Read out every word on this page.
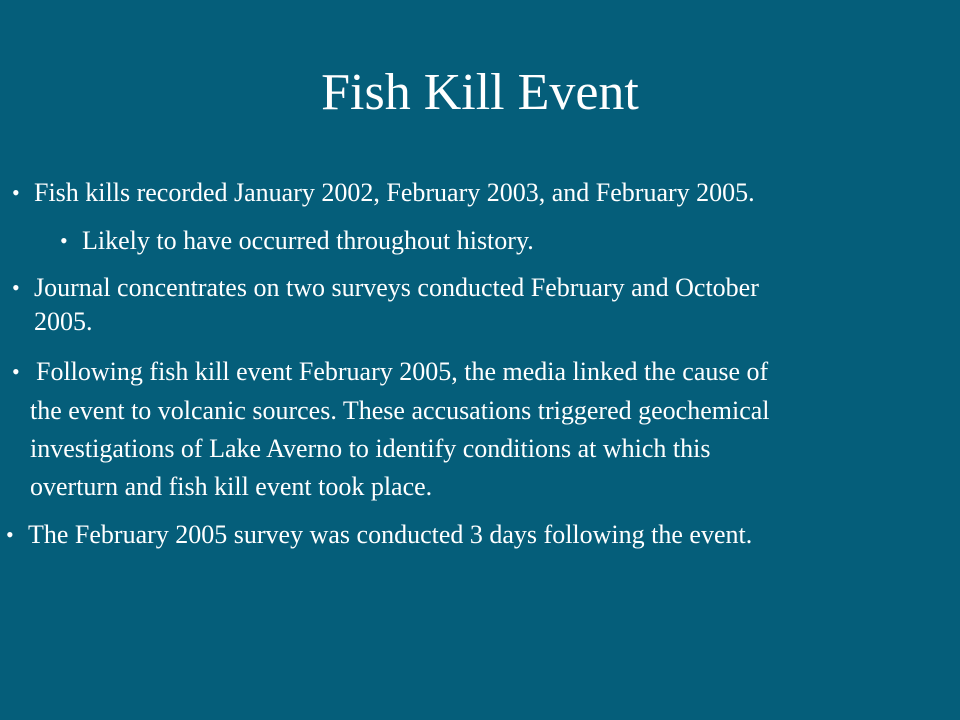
Fish Kill Event
• Fish kills recorded January 2002, February 2003, and February 2005.
• Likely to have occurred throughout history.
• Journal concentrates on two surveys conducted February and October
2005.
• Following fish kill event February 2005, the media linked the cause of
the event to volcanic sources. These accusations triggered geochemical
investigations of Lake Averno to identify conditions at which this
overturn and fish kill event took place.
• The February 2005 survey was conducted 3 days following the event.
